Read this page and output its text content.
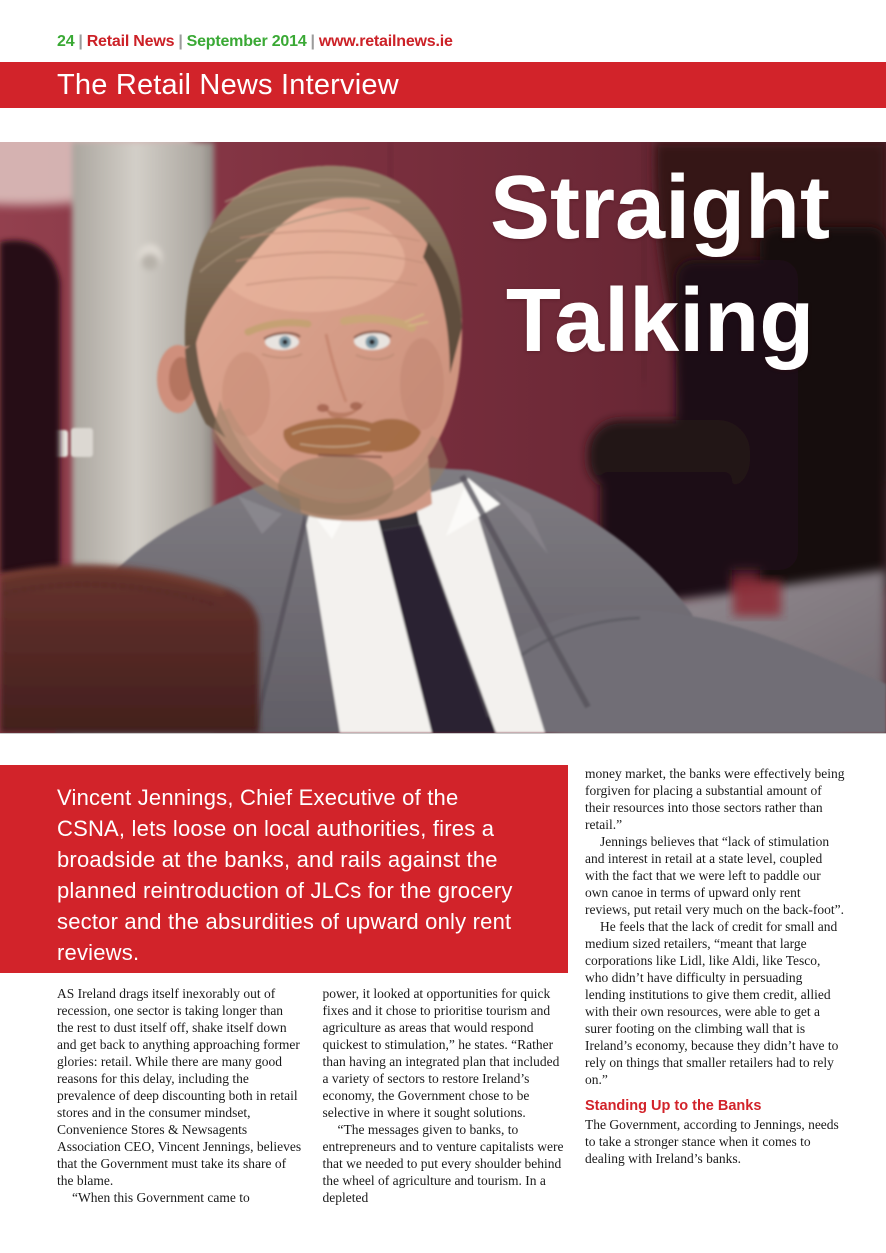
24 | Retail News | September 2014 | www.retailnews.ie
The Retail News Interview
Straight
Talking
Vincent Jennings, Chief Executive of the CSNA, lets loose on local authorities, fires a broadside at the banks, and rails against the planned reintroduction of JLCs for the grocery sector and the absurdities of upward only rent reviews.

AS Ireland drags itself inexorably out of recession, one sector is taking longer than the rest to dust itself off, shake itself down and get back to anything approaching former glories: retail. While there are many good reasons for this delay, including the prevalence of deep discounting both in retail stores and in the consumer mindset, Convenience Stores & Newsagents Association CEO, Vincent Jennings, believes that the Government must take its share of the blame.

“When this Government came to

power, it looked at opportunities for quick fixes and it chose to prioritise tourism and agriculture as areas that would respond quickest to stimulation,” he states. “Rather than having an integrated plan that included a variety of sectors to restore Ireland’s economy, the Government chose to be selective in where it sought solutions.

“The messages given to banks, to entrepreneurs and to venture capitalists were that we needed to put every shoulder behind the wheel of agriculture and tourism. In a depleted

money market, the banks were effectively being forgiven for placing a substantial amount of their resources into those sectors rather than retail.”

Jennings believes that “lack of stimulation and interest in retail at a state level, coupled with the fact that we were left to paddle our own canoe in terms of upward only rent reviews, put retail very much on the back-foot”.

He feels that the lack of credit for small and medium sized retailers, “meant that large corporations like Lidl, like Aldi, like Tesco, who didn’t have difficulty in persuading lending institutions to give them credit, allied with their own resources, were able to get a surer footing on the climbing wall that is Ireland’s economy, because they didn’t have to rely on things that smaller retailers had to rely on.”

Standing Up to the Banks

The Government, according to Jennings, needs to take a stronger stance when it comes to dealing with Ireland’s banks.
